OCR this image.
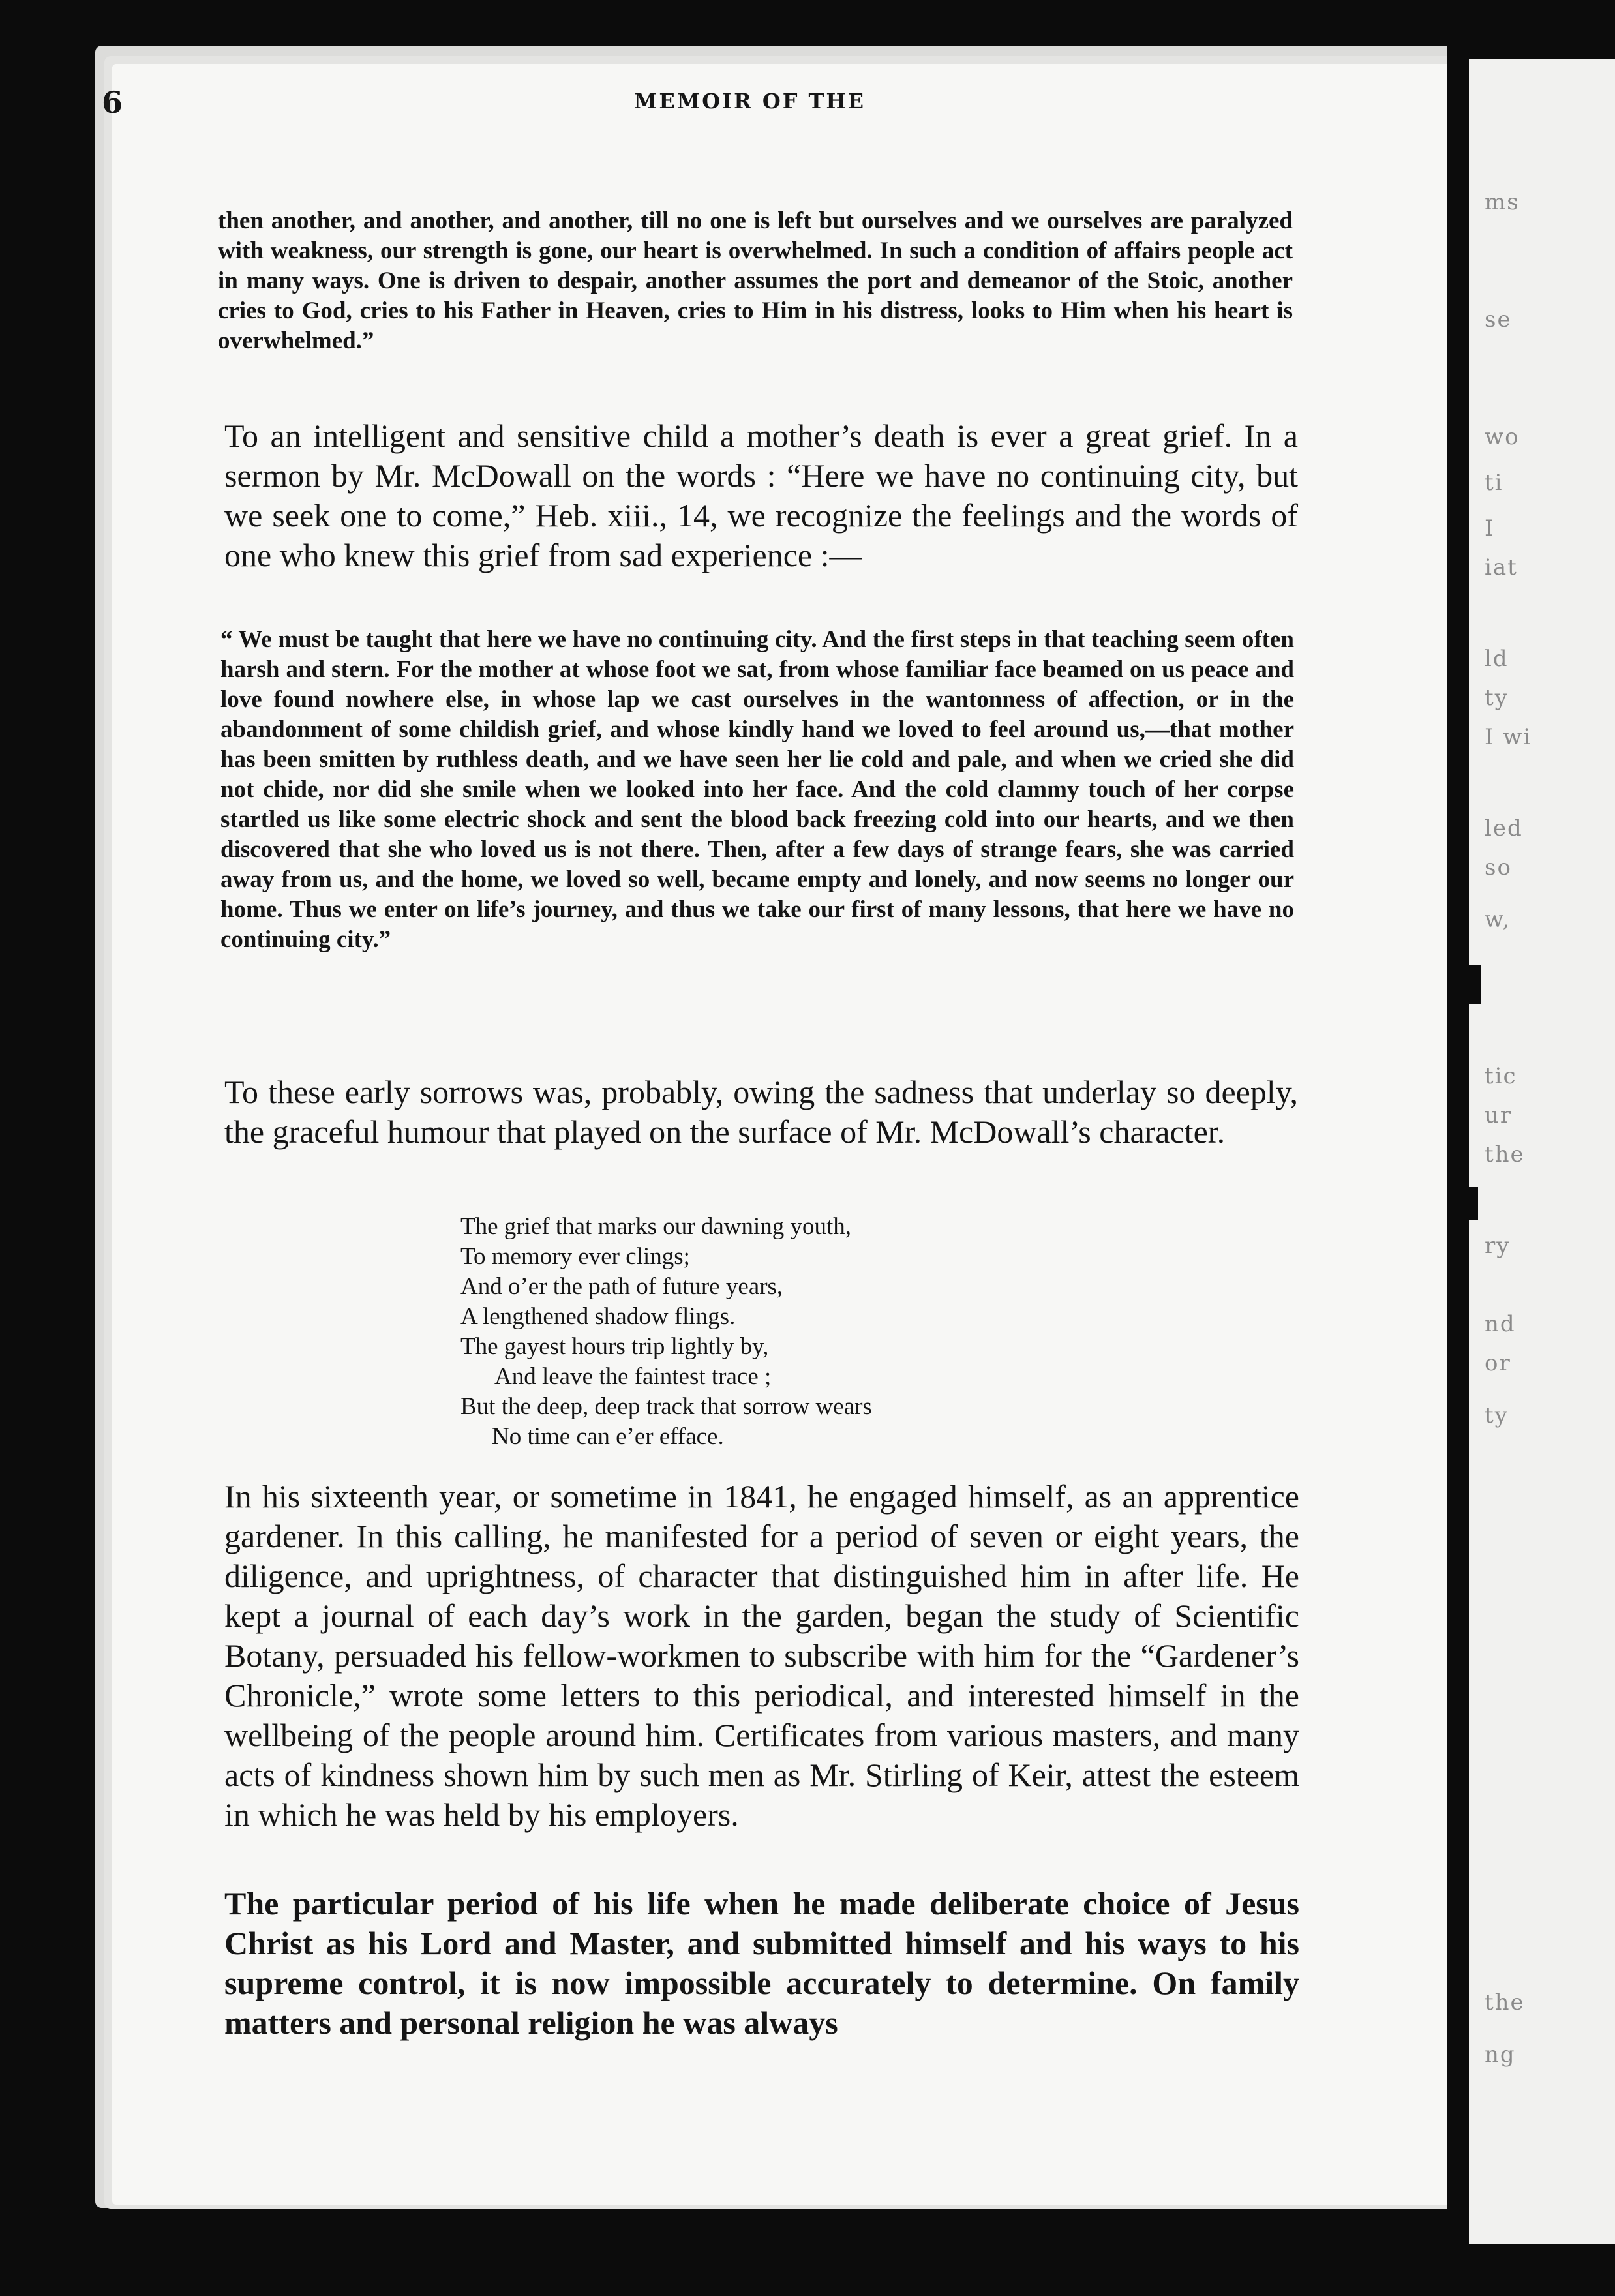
ms
se
wo
ti
I
iat
ld
ty
I wi
led
so
w,
tic
ur
the
ry
nd
or
ty
the
ng
6	MEMOIR OF THE
then another, and another, and another, till no one is left but ourselves and we ourselves are paralyzed with weakness, our strength is gone, our heart is overwhelmed. In such a condition of affairs people act in many ways. One is driven to despair, another assumes the port and demeanor of the Stoic, another cries to God, cries to his Father in Heaven, cries to Him in his distress, looks to Him when his heart is overwhelmed.”
To an intelligent and sensitive child a mother’s death is ever a great grief. In a sermon by Mr. McDowall on the words : “Here we have no continuing city, but we seek one to come,” Heb. xiii., 14, we recognize the feelings and the words of one who knew this grief from sad experience :—
“ We must be taught that here we have no continuing city. And the first steps in that teaching seem often harsh and stern. For the mother at whose foot we sat, from whose familiar face beamed on us peace and love found nowhere else, in whose lap we cast ourselves in the wantonness of affection, or in the abandonment of some childish grief, and whose kindly hand we loved to feel around us,—that mother has been smitten by ruthless death, and we have seen her lie cold and pale, and when we cried she did not chide, nor did she smile when we looked into her face. And the cold clammy touch of her corpse startled us like some electric shock and sent the blood back freezing cold into our hearts, and we then discovered that she who loved us is not there. Then, after a few days of strange fears, she was carried away from us, and the home, we loved so well, became empty and lonely, and now seems no longer our home. Thus we enter on life’s journey, and thus we take our first of many lessons, that here we have no continuing city.”
To these early sorrows was, probably, owing the sadness that underlay so deeply, the graceful humour that played on the surface of Mr. McDowall’s character.
The grief that marks our dawning youth,
To memory ever clings;
And o’er the path of future years,
A lengthened shadow flings.
The gayest hours trip lightly by,
And leave the faintest trace ;
But the deep, deep track that sorrow wears
No time can e’er efface.
In his sixteenth year, or sometime in 1841, he engaged himself, as an apprentice gardener. In this calling, he manifested for a period of seven or eight years, the diligence, and uprightness, of character that distinguished him in after life. He kept a journal of each day’s work in the garden, began the study of Scientific Botany, persuaded his fellow-workmen to subscribe with him for the “Gardener’s Chronicle,” wrote some letters to this periodical, and interested himself in the wellbeing of the people around him. Certificates from various masters, and many acts of kindness shown him by such men as Mr. Stirling of Keir, attest the esteem in which he was held by his employers.
The particular period of his life when he made deliberate choice of Jesus Christ as his Lord and Master, and submitted himself and his ways to his supreme control, it is now impossible accurately to determine. On family matters and personal religion he was always
